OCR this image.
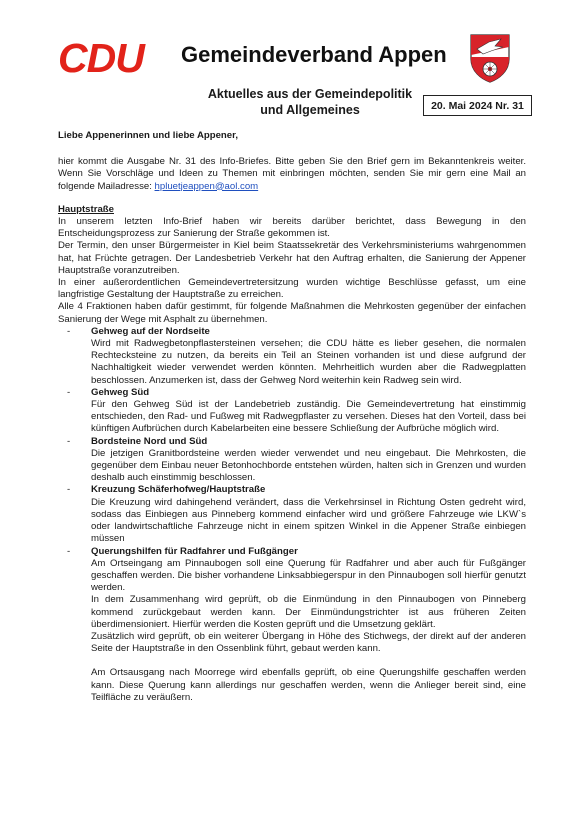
CDU Gemeindeverband Appen
Aktuelles aus der Gemeindepolitik
und Allgemeines	20. Mai 2024 Nr. 31

Liebe Appenerinnen und liebe Appener,

hier kommt die Ausgabe Nr. 31 des Info-Briefes. Bitte geben Sie den Brief gern im Bekanntenkreis weiter. Wenn Sie Vorschläge und Ideen zu Themen mit einbringen möchten, senden Sie mir gern eine Mail an folgende Mailadresse: hpluetjeappen@aol.com

Hauptstraße

In unserem letzten Info-Brief haben wir bereits darüber berichtet, dass Bewegung in den Entscheidungsprozess zur Sanierung der Straße gekommen ist.

Der Termin, den unser Bürgermeister in Kiel beim Staatssekretär des Verkehrsministeriums wahrgenommen hat, hat Früchte getragen. Der Landesbetrieb Verkehr hat den Auftrag erhalten, die Sanierung der Appener Hauptstraße voranzutreiben.

In einer außerordentlichen Gemeindevertretersitzung wurden wichtige Beschlüsse gefasst, um eine langfristige Gestaltung der Hauptstraße zu erreichen.

Alle 4 Fraktionen haben dafür gestimmt, für folgende Maßnahmen die Mehrkosten gegenüber der einfachen Sanierung der Wege mit Asphalt zu übernehmen.

- Gehweg auf der Nordseite
Wird mit Radwegbetonpflastersteinen versehen; die CDU hätte es lieber gesehen, die normalen Rechtecksteine zu nutzen, da bereits ein Teil an Steinen vorhanden ist und diese aufgrund der Nachhaltigkeit wieder verwendet werden könnten. Mehrheitlich wurden aber die Radwegplatten beschlossen. Anzumerken ist, dass der Gehweg Nord weiterhin kein Radweg sein wird.
- Gehweg Süd
Für den Gehweg Süd ist der Landebetrieb zuständig. Die Gemeindevertretung hat einstimmig entschieden, den Rad- und Fußweg mit Radwegpflaster zu versehen. Dieses hat den Vorteil, dass bei künftigen Aufbrüchen durch Kabelarbeiten eine bessere Schließung der Aufbrüche möglich wird.
- Bordsteine Nord und Süd
Die jetzigen Granitbordsteine werden wieder verwendet und neu eingebaut. Die Mehrkosten, die gegenüber dem Einbau neuer Betonhochborde entstehen würden, halten sich in Grenzen und wurden deshalb auch einstimmig beschlossen.
- Kreuzung Schäferhofweg/Hauptstraße
Die Kreuzung wird dahingehend verändert, dass die Verkehrsinsel in Richtung Osten gedreht wird, sodass das Einbiegen aus Pinneberg kommend einfacher wird und größere Fahrzeuge wie LKW`s oder landwirtschaftliche Fahrzeuge nicht in einem spitzen Winkel in die Appener Straße einbiegen müssen
- Querungshilfen für Radfahrer und Fußgänger
Am Ortseingang am Pinnaubogen soll eine Querung für Radfahrer und aber auch für Fußgänger geschaffen werden. Die bisher vorhandene Linksabbiegerspur in den Pinnaubogen soll hierfür genutzt werden.
In dem Zusammenhang wird geprüft, ob die Einmündung in den Pinnaubogen von Pinneberg kommend zurückgebaut werden kann. Der Einmündungstrichter ist aus früheren Zeiten überdimensioniert. Hierfür werden die Kosten geprüft und die Umsetzung geklärt.
Zusätzlich wird geprüft, ob ein weiterer Übergang in Höhe des Stichwegs, der direkt auf der anderen Seite der Hauptstraße in den Ossenblink führt, gebaut werden kann.
Am Ortsausgang nach Moorrege wird ebenfalls geprüft, ob eine Querungshilfe geschaffen werden kann. Diese Querung kann allerdings nur geschaffen werden, wenn die Anlieger bereit sind, eine Teilfläche zu veräußern.
